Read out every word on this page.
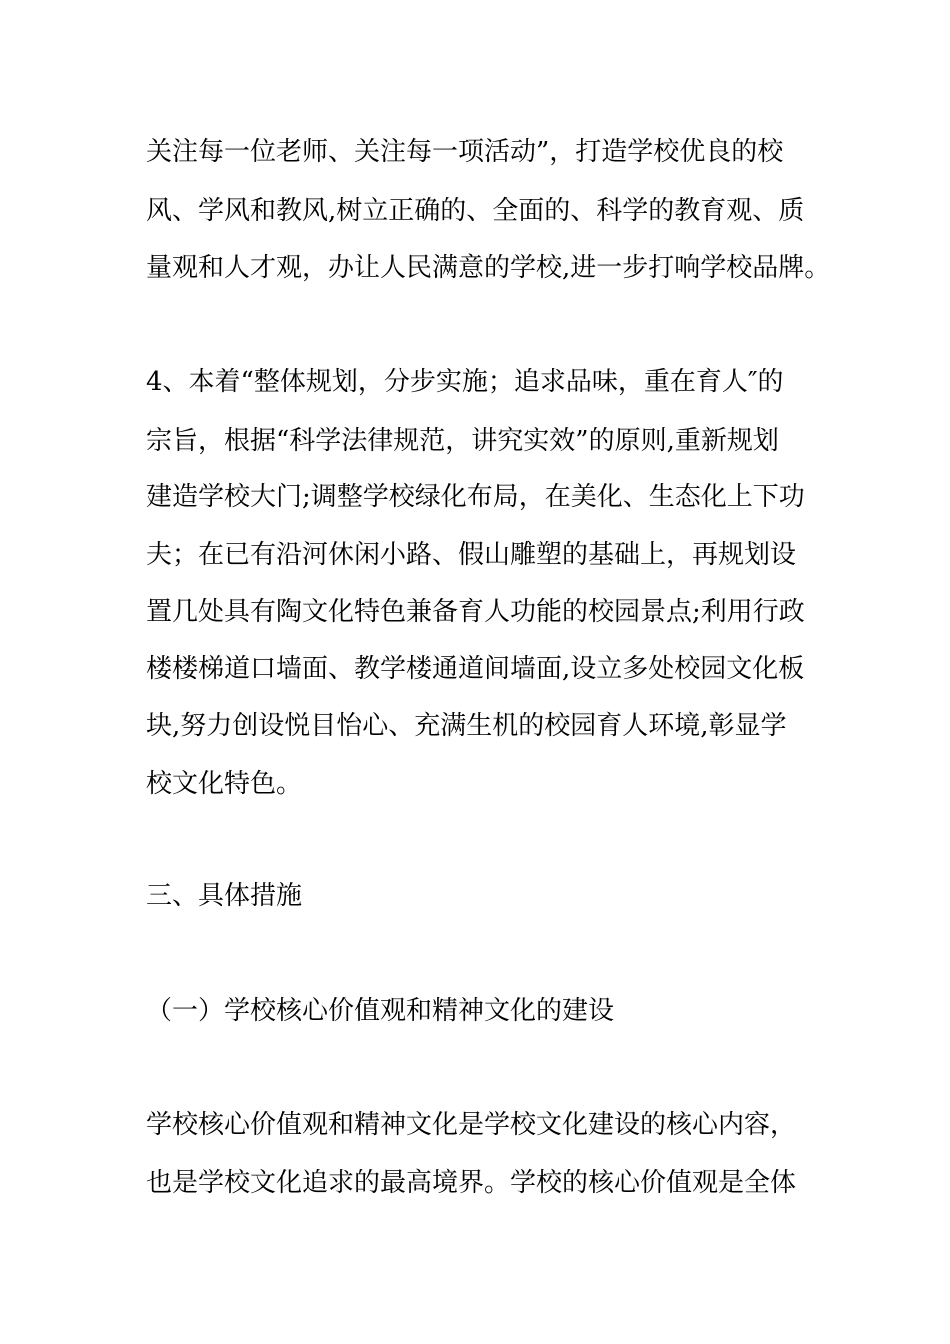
关注每一位老师、关注每一项活动”，打造学校优良的校
风、学风和教风,树立正确的、全面的、科学的教育观、质
量观和人才观，办让人民满意的学校,进一步打响学校品牌。
4、本着“整体规划，分步实施；追求品味，重在育人″的
宗旨，根据“科学法律规范，讲究实效”的原则,重新规划
建造学校大门;调整学校绿化布局，在美化、生态化上下功
夫；在已有沿河休闲小路、假山雕塑的基础上，再规划设
置几处具有陶文化特色兼备育人功能的校园景点;利用行政
楼楼梯道口墙面、教学楼通道间墙面,设立多处校园文化板
块,努力创设悦目怡心、充满生机的校园育人环境,彰显学
校文化特色。
三、具体措施
（一）学校核心价值观和精神文化的建设
学校核心价值观和精神文化是学校文化建设的核心内容，
也是学校文化追求的最高境界。学校的核心价值观是全体
